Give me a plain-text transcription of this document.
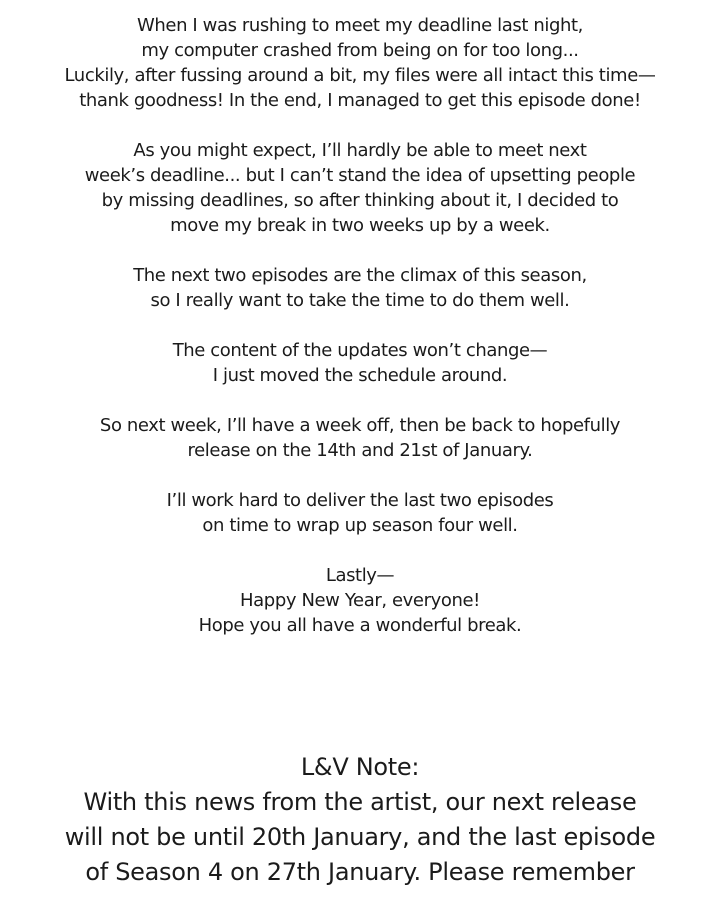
When I was rushing to meet my deadline last night,
my computer crashed from being on for too long...
Luckily, after fussing around a bit, my files were all intact this time—
thank goodness! In the end, I managed to get this episode done!

As you might expect, I’ll hardly be able to meet next
week’s deadline... but I can’t stand the idea of upsetting people
by missing deadlines, so after thinking about it, I decided to
move my break in two weeks up by a week.

The next two episodes are the climax of this season,
so I really want to take the time to do them well.

The content of the updates won’t change—
I just moved the schedule around.

So next week, I’ll have a week off, then be back to hopefully
release on the 14th and 21st of January.

I’ll work hard to deliver the last two episodes
on time to wrap up season four well.

Lastly—
Happy New Year, everyone!
Hope you all have a wonderful break.

L&V Note:
With this news from the artist, our next release
will not be until 20th January, and the last episode
of Season 4 on 27th January. Please remember
